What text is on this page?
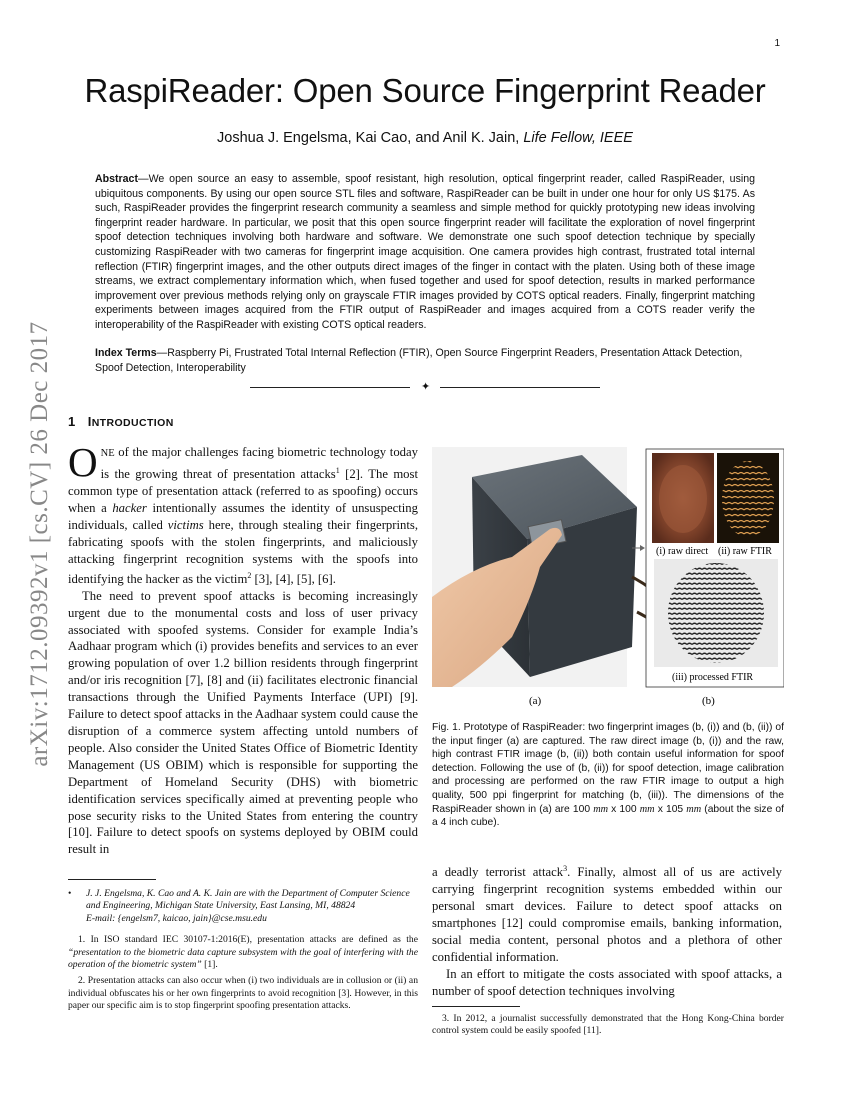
1
RaspiReader: Open Source Fingerprint Reader
Joshua J. Engelsma, Kai Cao, and Anil K. Jain, Life Fellow, IEEE
Abstract—We open source an easy to assemble, spoof resistant, high resolution, optical fingerprint reader, called RaspiReader, using ubiquitous components. By using our open source STL files and software, RaspiReader can be built in under one hour for only US $175. As such, RaspiReader provides the fingerprint research community a seamless and simple method for quickly prototyping new ideas involving fingerprint reader hardware. In particular, we posit that this open source fingerprint reader will facilitate the exploration of novel fingerprint spoof detection techniques involving both hardware and software. We demonstrate one such spoof detection technique by specially customizing RaspiReader with two cameras for fingerprint image acquisition. One camera provides high contrast, frustrated total internal reflection (FTIR) fingerprint images, and the other outputs direct images of the finger in contact with the platen. Using both of these image streams, we extract complementary information which, when fused together and used for spoof detection, results in marked performance improvement over previous methods relying only on grayscale FTIR images provided by COTS optical readers. Finally, fingerprint matching experiments between images acquired from the FTIR output of RaspiReader and images acquired from a COTS reader verify the interoperability of the RaspiReader with existing COTS optical readers.
Index Terms—Raspberry Pi, Frustrated Total Internal Reflection (FTIR), Open Source Fingerprint Readers, Presentation Attack Detection, Spoof Detection, Interoperability
✦
arXiv:1712.09392v1 [cs.CV] 26 Dec 2017 1 INTRODUCTION

ONE of the major challenges facing biometric technology today is the growing threat of presentation attacks$^1$ [2]. The most common type of presentation attack (referred to as spoofing) occurs when a hacker intentionally assumes the identity of unsuspecting individuals, called victims here, through stealing their fingerprints, fabricating spoofs with the stolen fingerprints, and maliciously attacking fingerprint recognition systems with the spoofs into identifying the hacker as the victim$^2$ [3], [4], [5], [6].

The need to prevent spoof attacks is becoming increasingly urgent due to the monumental costs and loss of user privacy associated with spoofed systems. Consider for example India’s Aadhaar program which (i) provides benefits and services to an ever growing population of over 1.2 billion residents through fingerprint and/or iris recognition [7], [8] and (ii) facilitates electronic financial transactions through the Unified Payments Interface (UPI) [9]. Failure to detect spoof attacks in the Aadhaar system could cause the disruption of a commerce system affecting untold numbers of people. Also consider the United States Office of Biometric Identity Management (US OBIM) which is responsible for supporting the Department of Homeland Security (DHS) with biometric identification services specifically aimed at preventing people who pose security risks to the United States from entering the country [10]. Failure to detect spoofs on systems deployed by OBIM could result in

• J. J. Engelsma, K. Cao and A. K. Jain are with the Department of Computer Science and Engineering, Michigan State University, East Lansing, MI, 48824
E-mail: {engelsm7, kaicao, jain}@cse.msu.edu
1. In ISO standard IEC 30107-1:2016(E), presentation attacks are defined as the “presentation to the biometric data capture subsystem with the goal of interfering with the operation of the biometric system” [1].
2. Presentation attacks can also occur when (i) two individuals are in collusion or (ii) an individual obfuscates his or her own fingerprints to avoid recognition [3]. However, in this paper our specific aim is to stop fingerprint spoofing presentation attacks.
(i) raw direct (ii) raw FTIR
(iii) processed FTIR
(a)	(b)
Fig. 1. Prototype of RaspiReader: two fingerprint images (b, (i)) and (b, (ii)) of the input finger (a) are captured. The raw direct image (b, (i)) and the raw, high contrast FTIR image (b, (ii)) both contain useful information for spoof detection. Following the use of (b, (ii)) for spoof detection, image calibration and processing are performed on the raw FTIR image to output a high quality, 500 ppi fingerprint for matching (b, (iii)). The dimensions of the RaspiReader shown in (a) are 100 mm x 100 mm x 105 mm (about the size of a 4 inch cube).

a deadly terrorist attack$^3$. Finally, almost all of us are actively carrying fingerprint recognition systems embedded within our personal smart devices. Failure to detect spoof attacks on smartphones [12] could compromise emails, banking information, social media content, personal photos and a plethora of other confidential information.

In an effort to mitigate the costs associated with spoof attacks, a number of spoof detection techniques involving

3. In 2012, a journalist successfully demonstrated that the Hong Kong-China border control system could be easily spoofed [11].
